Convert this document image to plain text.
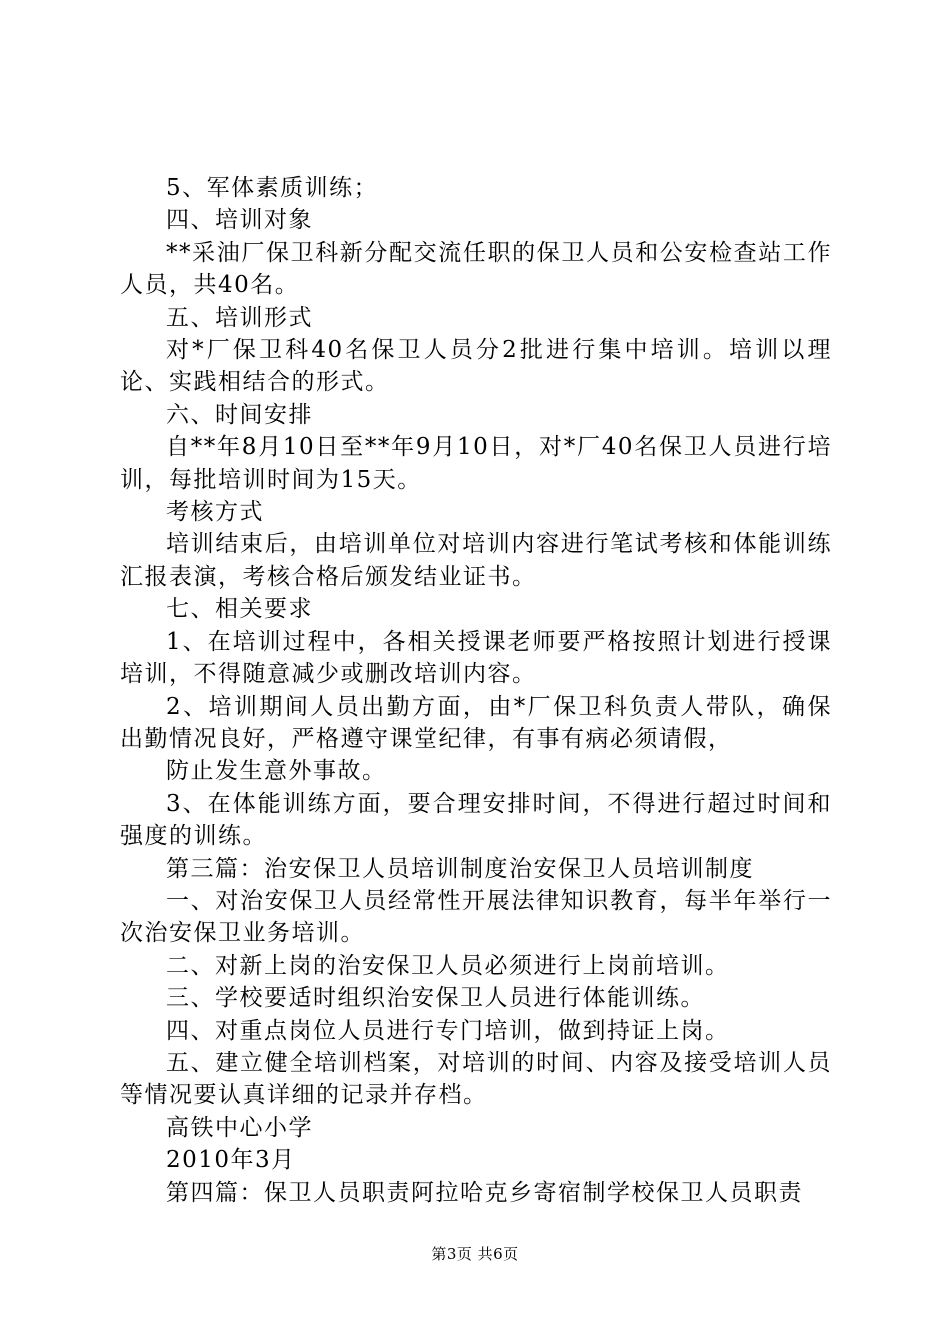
5、军体素质训练；

四、培训对象

**采油厂保卫科新分配交流任职的保卫人员和公安检查站工作人员，共40名。

五、培训形式

对*厂保卫科40名保卫人员分2批进行集中培训。培训以理论、实践相结合的形式。

六、时间安排

自**年8月10日至**年9月10日，对*厂40名保卫人员进行培训，每批培训时间为15天。

考核方式

培训结束后，由培训单位对培训内容进行笔试考核和体能训练汇报表演，考核合格后颁发结业证书。

七、相关要求

1、在培训过程中，各相关授课老师要严格按照计划进行授课培训，不得随意减少或删改培训内容。

2、培训期间人员出勤方面，由*厂保卫科负责人带队，确保出勤情况良好，严格遵守课堂纪律，有事有病必须请假，

防止发生意外事故。

3、在体能训练方面，要合理安排时间，不得进行超过时间和强度的训练。

第三篇：治安保卫人员培训制度治安保卫人员培训制度

一、对治安保卫人员经常性开展法律知识教育，每半年举行一次治安保卫业务培训。

二、对新上岗的治安保卫人员必须进行上岗前培训。

三、学校要适时组织治安保卫人员进行体能训练。

四、对重点岗位人员进行专门培训，做到持证上岗。

五、建立健全培训档案，对培训的时间、内容及接受培训人员等情况要认真详细的记录并存档。

高铁中心小学

2010年3月

第四篇：保卫人员职责阿拉哈克乡寄宿制学校保卫人员职责

第3页 共6页
